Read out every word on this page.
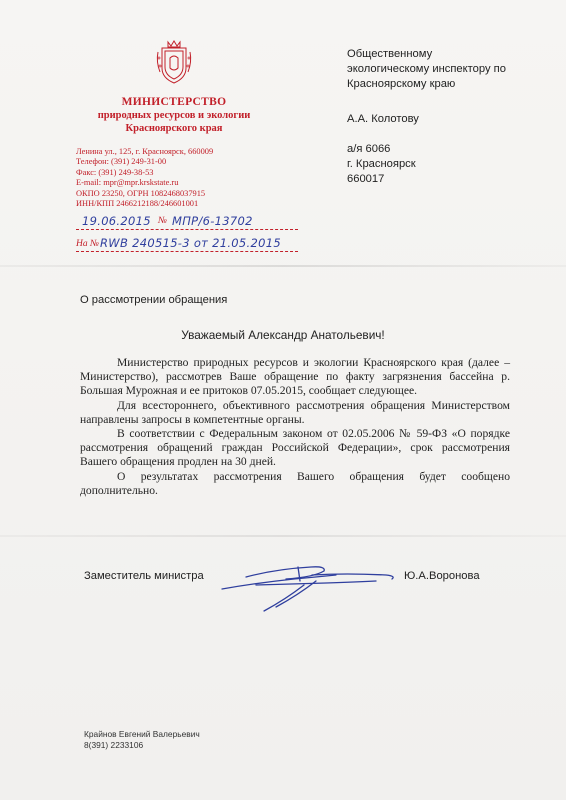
МИНИСТЕРСТВО
природных ресурсов и экологии
Красноярского края
Ленина ул., 125, г. Красноярск, 660009
Телефон: (391) 249-31-00
Факс: (391) 249-38-53
E-mail: mpr@mpr.krskstate.ru
ОКПО 23250, ОГРН 1082468037915
ИНН/КПП 2466212188/246601001
19.06.2015 № МПР/6-13702
На № RWB 240515-3 от 21.05.2015
Общественному
экологическому инспектору по
Красноярскому краю
А.А. Колотову
а/я 6066
г. Красноярск
660017
О рассмотрении обращения
Уважаемый Александр Анатольевич!

Министерство природных ресурсов и экологии Красноярского края (далее – Министерство), рассмотрев Ваше обращение по факту загрязнения бассейна р. Большая Мурожная и ее притоков 07.05.2015, сообщает следующее.

Для всестороннего, объективного рассмотрения обращения Министерством направлены запросы в компетентные органы.

В соответствии с Федеральным законом от 02.05.2006 № 59-ФЗ «О порядке рассмотрения обращений граждан Российской Федерации», срок рассмотрения Вашего обращения продлен на 30 дней.

О результатах рассмотрения Вашего обращения будет сообщено дополнительно.

Заместитель министра	Ю.А.Воронова
Крайнов Евгений Валерьевич
8(391) 2233106
